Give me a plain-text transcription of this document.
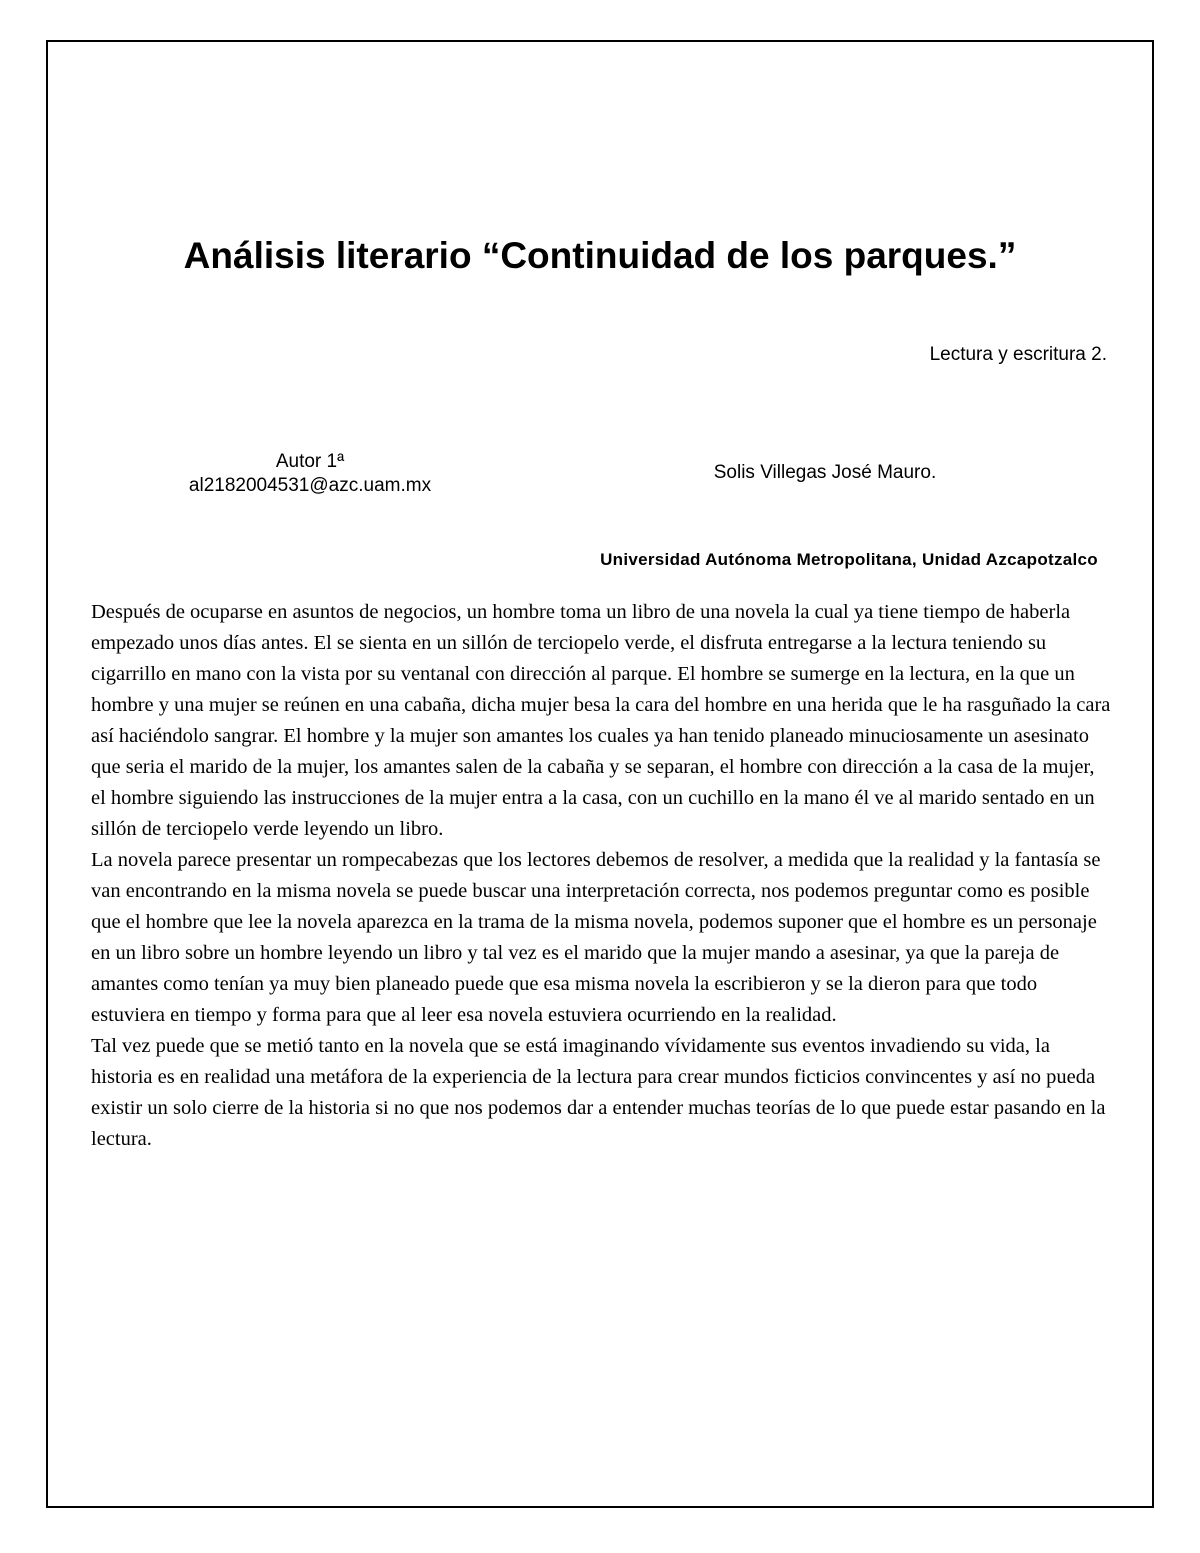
Análisis literario “Continuidad de los parques.”
Lectura y escritura 2.
Autor 1ª
al2182004531@azc.uam.mx
Solis Villegas José Mauro.
Universidad Autónoma Metropolitana, Unidad Azcapotzalco

Después de ocuparse en asuntos de negocios, un hombre toma un libro de una novela la cual ya tiene tiempo de haberla empezado unos días antes. El se sienta en un sillón de terciopelo verde, el disfruta entregarse a la lectura teniendo su cigarrillo en mano con la vista por su ventanal con dirección al parque. El hombre se sumerge en la lectura, en la que un hombre y una mujer se reúnen en una cabaña, dicha mujer besa la cara del hombre en una herida que le ha rasguñado la cara así haciéndolo sangrar. El hombre y la mujer son amantes los cuales ya han tenido planeado minuciosamente un asesinato que seria el marido de la mujer, los amantes salen de la cabaña y se separan, el hombre con dirección a la casa de la mujer, el hombre siguiendo las instrucciones de la mujer entra a la casa, con un cuchillo en la mano él ve al marido sentado en un sillón de terciopelo verde leyendo un libro.

La novela parece presentar un rompecabezas que los lectores debemos de resolver, a medida que la realidad y la fantasía se van encontrando en la misma novela se puede buscar una interpretación correcta, nos podemos preguntar como es posible que el hombre que lee la novela aparezca en la trama de la misma novela, podemos suponer que el hombre es un personaje en un libro sobre un hombre leyendo un libro y tal vez es el marido que la mujer mando a asesinar, ya que la pareja de amantes como tenían ya muy bien planeado puede que esa misma novela la escribieron y se la dieron para que todo estuviera en tiempo y forma para que al leer esa novela estuviera ocurriendo en la realidad.

Tal vez puede que se metió tanto en la novela que se está imaginando vívidamente sus eventos invadiendo su vida, la historia es en realidad una metáfora de la experiencia de la lectura para crear mundos ficticios convincentes y así no pueda existir un solo cierre de la historia si no que nos podemos dar a entender muchas teorías de lo que puede estar pasando en la lectura.
